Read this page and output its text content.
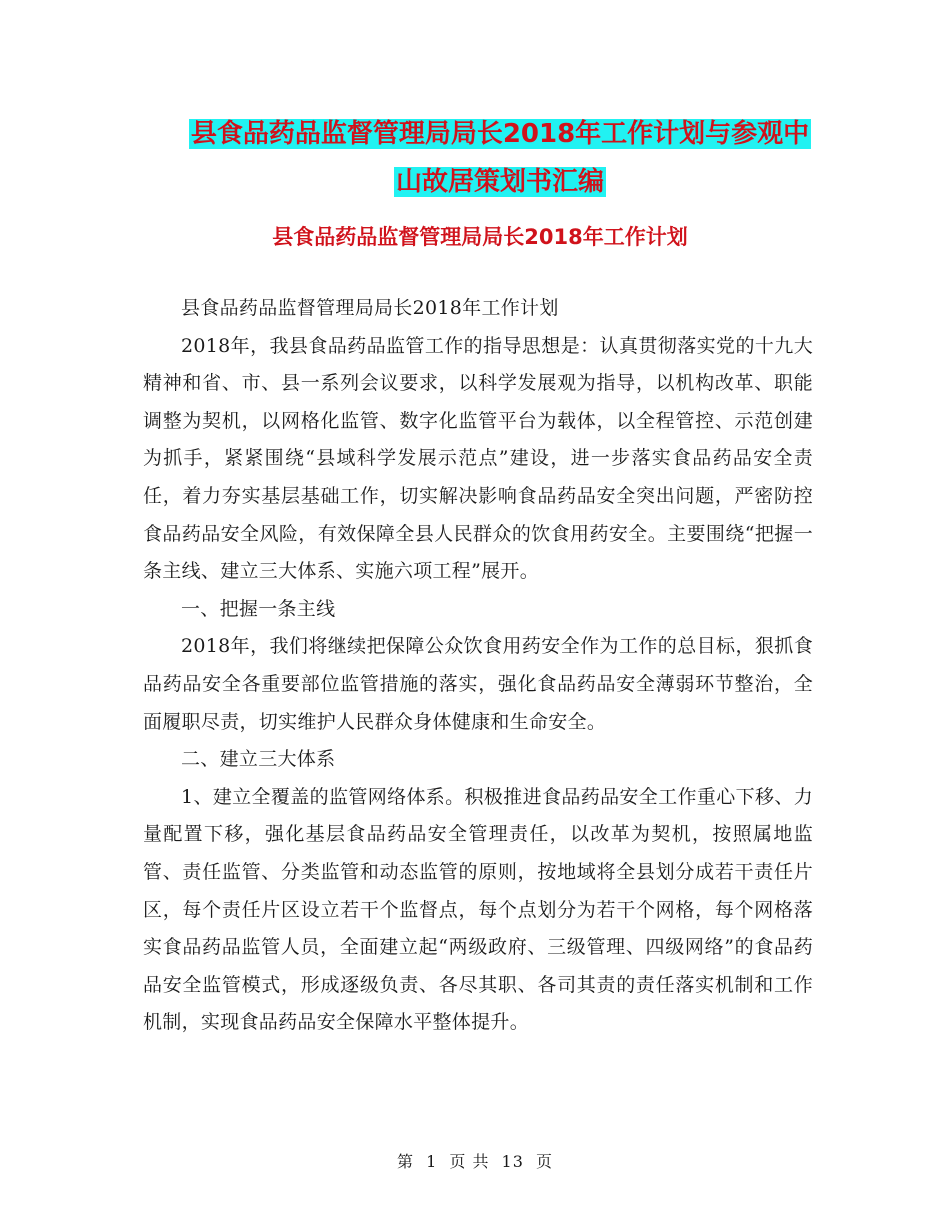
县食品药品监督管理局局长2018年工作计划与参观中
山故居策划书汇编
县食品药品监督管理局局长2018年工作计划

县食品药品监督管理局局长2018年工作计划

2018年，我县食品药品监管工作的指导思想是：认真贯彻落实党的十九大精神和省、市、县一系列会议要求，以科学发展观为指导，以机构改革、职能调整为契机，以网格化监管、数字化监管平台为载体，以全程管控、示范创建为抓手，紧紧围绕“县域科学发展示范点”建设，进一步落实食品药品安全责任，着力夯实基层基础工作，切实解决影响食品药品安全突出问题，严密防控食品药品安全风险，有效保障全县人民群众的饮食用药安全。主要围绕“把握一条主线、建立三大体系、实施六项工程”展开。

一、把握一条主线

2018年，我们将继续把保障公众饮食用药安全作为工作的总目标，狠抓食品药品安全各重要部位监管措施的落实，强化食品药品安全薄弱环节整治，全面履职尽责，切实维护人民群众身体健康和生命安全。

二、建立三大体系

1、建立全覆盖的监管网络体系。积极推进食品药品安全工作重心下移、力量配置下移，强化基层食品药品安全管理责任，以改革为契机，按照属地监管、责任监管、分类监管和动态监管的原则，按地域将全县划分成若干责任片区，每个责任片区设立若干个监督点，每个点划分为若干个网格，每个网格落实食品药品监管人员，全面建立起“两级政府、三级管理、四级网络”的食品药品安全监管模式，形成逐级负责、各尽其职、各司其责的责任落实机制和工作机制，实现食品药品安全保障水平整体提升。

第 1 页 共 13 页
